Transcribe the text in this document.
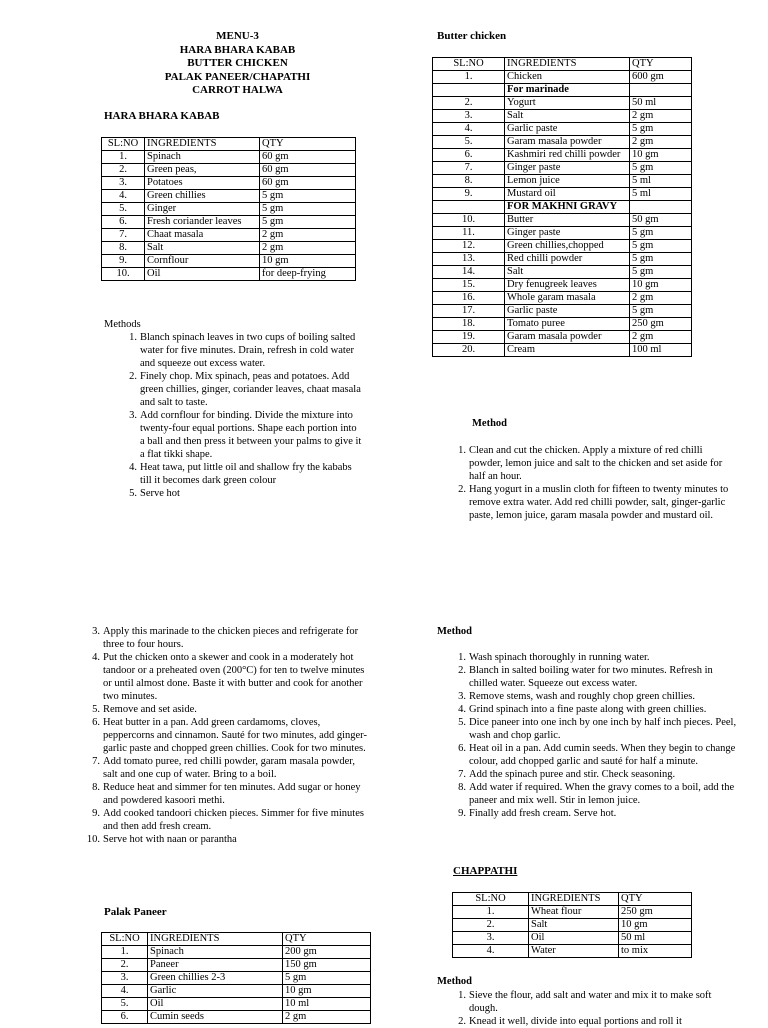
MENU-3
HARA BHARA KABAB
BUTTER CHICKEN
PALAK PANEER/CHAPATHI
CARROT HALWA
HARA BHARA KABAB
SL:NO	INGREDIENTS	QTY
1.	Spinach	60 gm
2.	Green peas,	60 gm
3.	Potatoes	60 gm
4.	Green chillies	5 gm
5.	Ginger	5 gm
6.	Fresh coriander leaves	5 gm
7.	Chaat masala	2 gm
8.	Salt	2 gm
9.	Cornflour	10 gm
10.	Oil	for deep-frying
Methods
1. Blanch spinach leaves in two cups of boiling salted water for five minutes. Drain, refresh in cold water and squeeze out excess water.
2. Finely chop. Mix spinach, peas and potatoes. Add green chillies, ginger, coriander leaves, chaat masala and salt to taste.
3. Add cornflour for binding. Divide the mixture into twenty-four equal portions. Shape each portion into a ball and then press it between your palms to give it a flat tikki shape.
4. Heat tawa, put little oil and shallow fry the kababs till it becomes dark green colour
5. Serve hot
Butter chicken
SL:NO	INGREDIENTS	QTY
1.	Chicken	600 gm
	For marinade	
2.	Yogurt	50 ml
3.	Salt	2 gm
4.	Garlic paste	5 gm
5.	Garam masala powder	2 gm
6.	Kashmiri red chilli powder	10 gm
7.	Ginger paste	5 gm
8.	Lemon juice	5 ml
9.	Mustard oil	5 ml
	FOR MAKHNI GRAVY	
10.	Butter	50 gm
11.	Ginger paste	5 gm
12.	Green chillies,chopped	5 gm
13.	Red chilli powder	5 gm
14.	Salt	5 gm
15.	Dry fenugreek leaves	10 gm
16.	Whole garam masala	2 gm
17.	Garlic paste	5 gm
18.	Tomato puree	250 gm
19.	Garam masala powder	2 gm
20.	Cream	100 ml
Method
1. Clean and cut the chicken. Apply a mixture of red chilli powder, lemon juice and salt to the chicken and set aside for half an hour.
2. Hang yogurt in a muslin cloth for fifteen to twenty minutes to remove extra water. Add red chilli powder, salt, ginger-garlic paste, lemon juice, garam masala powder and mustard oil.
3. Apply this marinade to the chicken pieces and refrigerate for three to four hours.
4. Put the chicken onto a skewer and cook in a moderately hot tandoor or a preheated oven (200°C) for ten to twelve minutes or until almost done. Baste it with butter and cook for another two minutes.
5. Remove and set aside.
6. Heat butter in a pan. Add green cardamoms, cloves, peppercorns and cinnamon. Sauté for two minutes, add ginger-garlic paste and chopped green chillies. Cook for two minutes.
7. Add tomato puree, red chilli powder, garam masala powder, salt and one cup of water. Bring to a boil.
8. Reduce heat and simmer for ten minutes. Add sugar or honey and powdered kasoori methi.
9. Add cooked tandoori chicken pieces. Simmer for five minutes and then add fresh cream.
10. Serve hot with naan or parantha
Palak Paneer
SL:NO	INGREDIENTS	QTY
1.	Spinach	200 gm
2.	Paneer	150 gm
3.	Green chillies 2-3	5 gm
4.	Garlic	10 gm
5.	Oil	10 ml
6.	Cumin seeds	2 gm
Method
1. Wash spinach thoroughly in running water.
2. Blanch in salted boiling water for two minutes. Refresh in chilled water. Squeeze out excess water.
3. Remove stems, wash and roughly chop green chillies.
4. Grind spinach into a fine paste along with green chillies.
5. Dice paneer into one inch by one inch by half inch pieces. Peel, wash and chop garlic.
6. Heat oil in a pan. Add cumin seeds. When they begin to change colour, add chopped garlic and sauté for half a minute.
7. Add the spinach puree and stir. Check seasoning.
8. Add water if required. When the gravy comes to a boil, add the paneer and mix well. Stir in lemon juice.
9. Finally add fresh cream. Serve hot.
CHAPPATHI
SL:NO	INGREDIENTS	QTY
1.	Wheat flour	250 gm
2.	Salt	10 gm
3.	Oil	50 ml
4.	Water	to mix
Method
1. Sieve the flour, add salt and water and mix it to make soft dough.
2. Knead it well, divide into equal portions and roll it
